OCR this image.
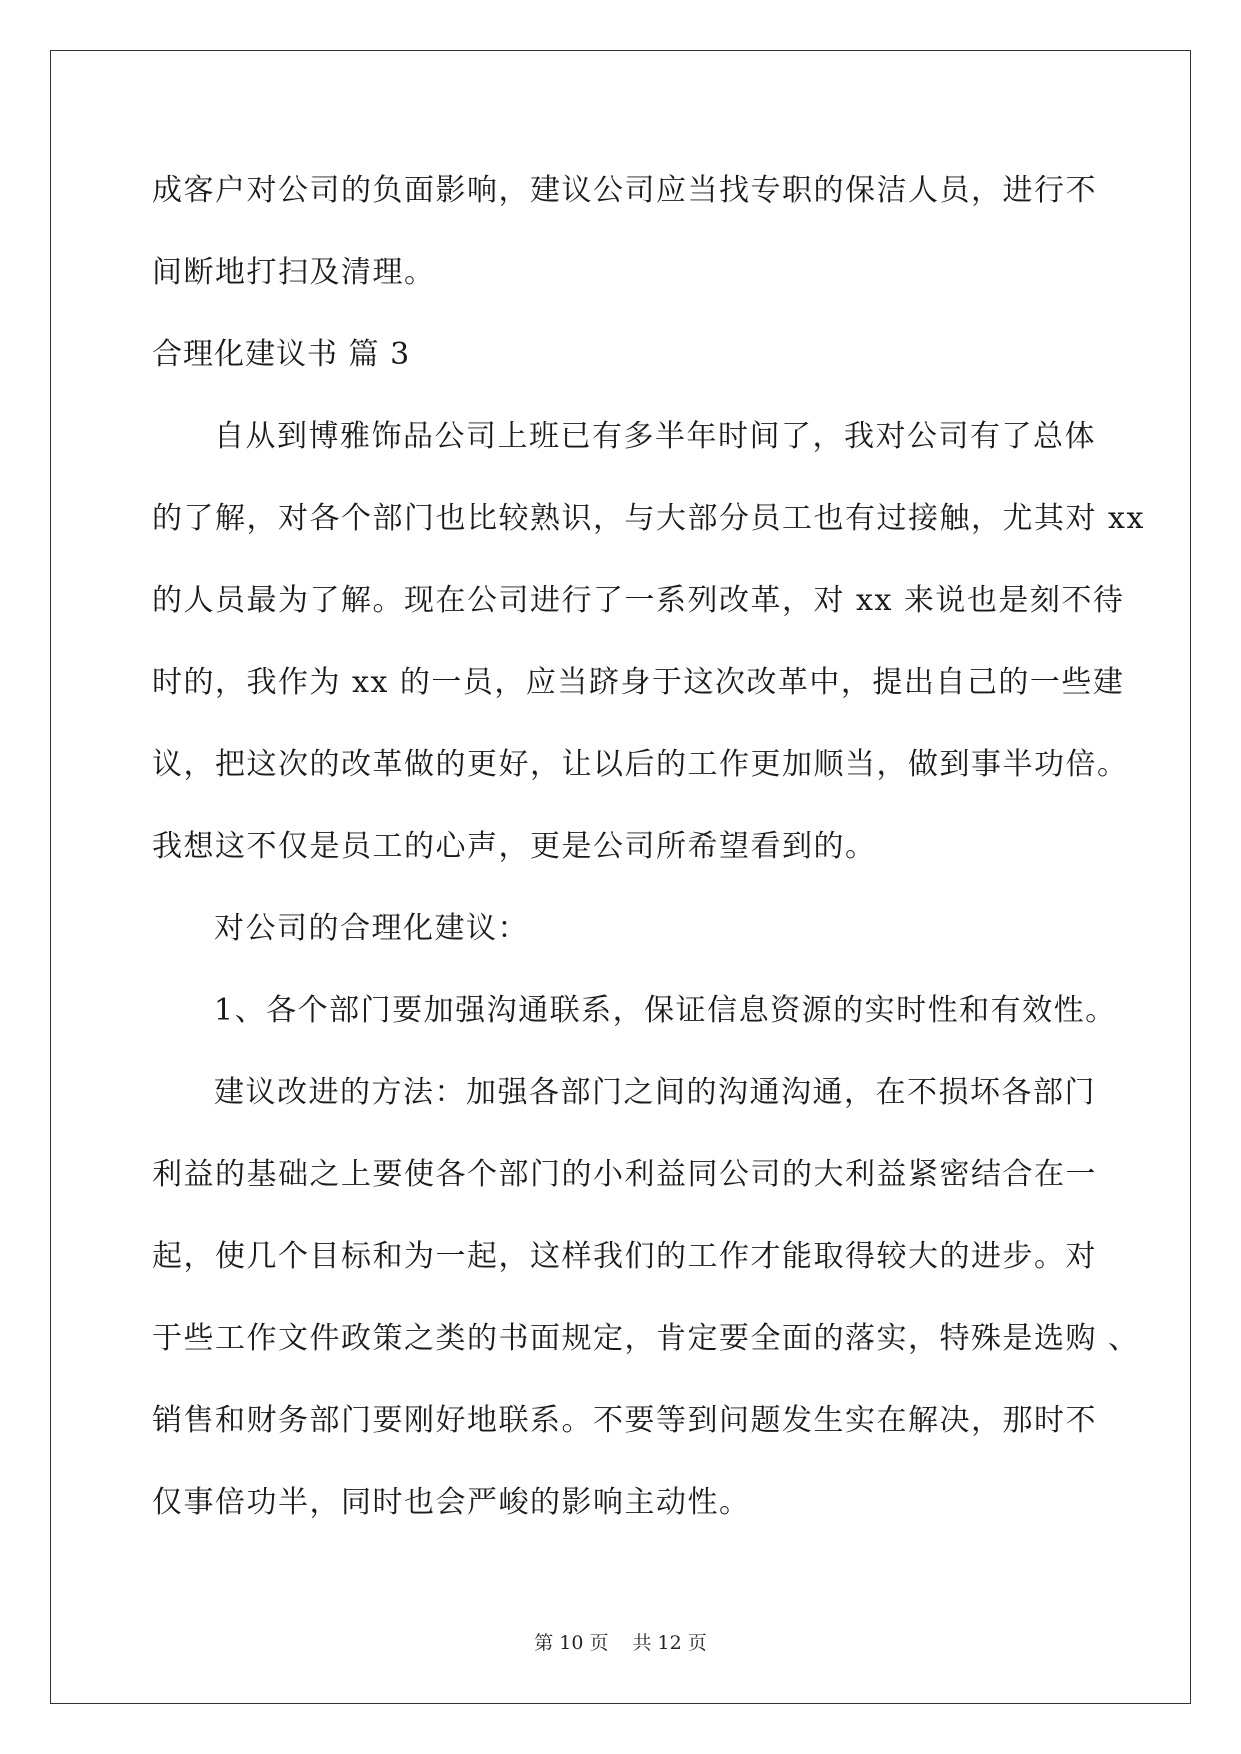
成客户对公司的负面影响，建议公司应当找专职的保洁人员，进行不
间断地打扫及清理。
合理化建议书 篇 3
自从到博雅饰品公司上班已有多半年时间了，我对公司有了总体
的了解，对各个部门也比较熟识，与大部分员工也有过接触，尤其对 xx
的人员最为了解。现在公司进行了一系列改革，对 xx 来说也是刻不待
时的，我作为 xx 的一员，应当跻身于这次改革中，提出自己的一些建
议，把这次的改革做的更好，让以后的工作更加顺当，做到事半功倍。
我想这不仅是员工的心声，更是公司所希望看到的。
对公司的合理化建议：
1、各个部门要加强沟通联系，保证信息资源的实时性和有效性。
建议改进的方法：加强各部门之间的沟通沟通，在不损坏各部门
利益的基础之上要使各个部门的小利益同公司的大利益紧密结合在一
起，使几个目标和为一起，这样我们的工作才能取得较大的进步。对
于些工作文件政策之类的书面规定，肯定要全面的落实，特殊是选购 、
销售和财务部门要刚好地联系。不要等到问题发生实在解决，那时不
仅事倍功半，同时也会严峻的影响主动性。
第 10 页 共 12 页
